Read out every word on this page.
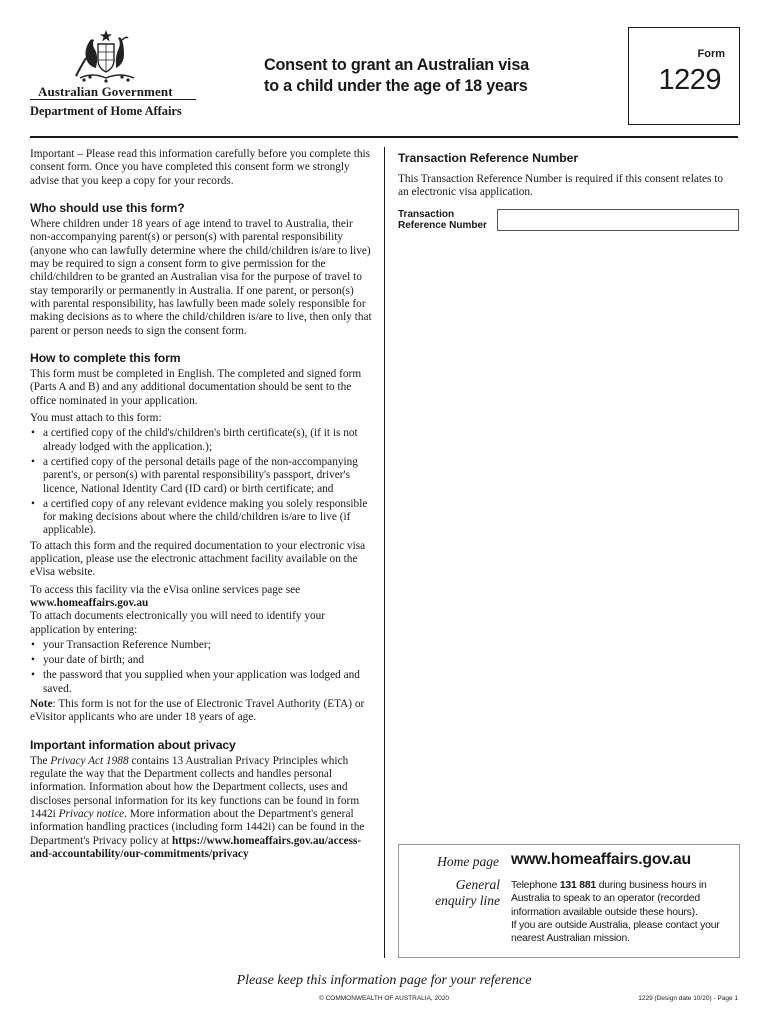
Australian Government
Department of Home Affairs
Consent to grant an Australian visa
to a child under the age of 18 years
Form
1229

Important – Please read this information carefully before you complete this consent form. Once you have completed this consent form we strongly advise that you keep a copy for your records.

Who should use this form?

Where children under 18 years of age intend to travel to Australia, their non-accompanying parent(s) or person(s) with parental responsibility (anyone who can lawfully determine where the child/children is/are to live) may be required to sign a consent form to give permission for the child/children to be granted an Australian visa for the purpose of travel to stay temporarily or permanently in Australia. If one parent, or person(s) with parental responsibility, has lawfully been made solely responsible for making decisions as to where the child/children is/are to live, then only that parent or person needs to sign the consent form.

How to complete this form

This form must be completed in English. The completed and signed form (Parts A and B) and any additional documentation should be sent to the office nominated in your application.

You must attach to this form:

• a certified copy of the child's/children's birth certificate(s), (if it is not already lodged with the application.);
• a certified copy of the personal details page of the non-accompanying parent's, or person(s) with parental responsibility's passport, driver's licence, National Identity Card (ID card) or birth certificate; and
• a certified copy of any relevant evidence making you solely responsible for making decisions about where the child/children is/are to live (if applicable).

To attach this form and the required documentation to your electronic visa application, please use the electronic attachment facility available on the eVisa website.

To access this facility via the eVisa online services page see

www.homeaffairs.gov.au

To attach documents electronically you will need to identify your application by entering:

• your Transaction Reference Number;
• your date of birth; and
• the password that you supplied when your application was lodged and saved.

Note: This form is not for the use of Electronic Travel Authority (ETA) or eVisitor applicants who are under 18 years of age.

Important information about privacy

The Privacy Act 1988 contains 13 Australian Privacy Principles which regulate the way that the Department collects and handles personal information. Information about how the Department collects, uses and discloses personal information for its key functions can be found in form 1442i Privacy notice. More information about the Department's general information handling practices (including form 1442i) can be found in the Department's Privacy policy at https://www.homeaffairs.gov.au/access-and-accountability/our-commitments/privacy

Transaction Reference Number
This Transaction Reference Number is required if this consent relates to an electronic visa application.
Transaction
Reference Number
Home page www.homeaffairs.gov.au
General
enquiry line
Telephone 131 881 during business hours in Australia to speak to an operator (recorded information available outside these hours).
If you are outside Australia, please contact your nearest Australian mission.
Please keep this information page for your reference
© COMMONWEALTH OF AUSTRALIA, 2020	1229 (Design date 10/20) - Page 1
